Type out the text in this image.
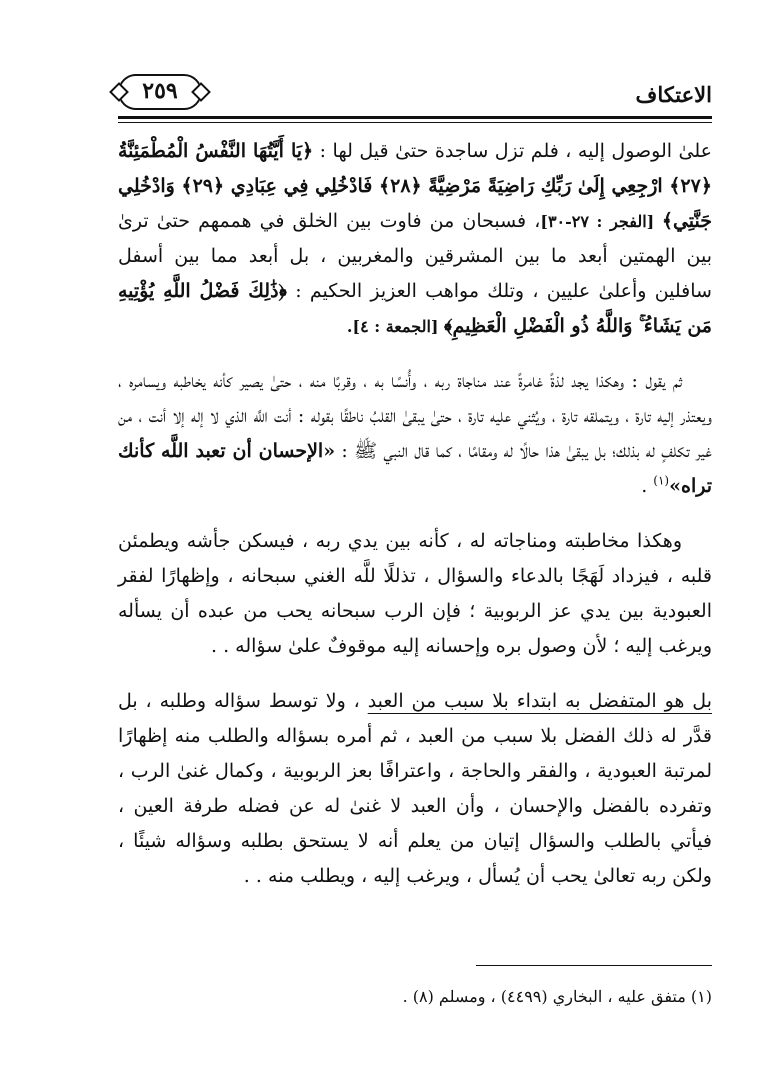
الاعتكاف
٢٥٩

علىٰ الوصول إليه ، فلم تزل ساجدة حتىٰ قيل لها : ﴿يَا أَيَّتُهَا النَّفْسُ الْمُطْمَئِنَّةُ ﴿٢٧﴾ ارْجِعِي إِلَىٰ رَبِّكِ رَاضِيَةً مَرْضِيَّةً ﴿٢٨﴾ فَادْخُلِي فِي عِبَادِي ﴿٢٩﴾ وَادْخُلِي جَنَّتِي﴾ [الفجر : ٢٧-٣٠]، فسبحان من فاوت بين الخلق في هممهم حتىٰ ترىٰ بين الهمتين أبعد ما بين المشرقين والمغربين ، بل أبعد مما بين أسفل سافلين وأعلىٰ عليين ، وتلك مواهب العزيز الحكيم : ﴿ذَٰلِكَ فَضْلُ اللَّهِ يُؤْتِيهِ مَن يَشَاءُ ۚ وَاللَّهُ ذُو الْفَضْلِ الْعَظِيمِ﴾ [الجمعة : ٤].

ثم يقول : وهكذا يجد لذةً غامرةً عند مناجاة ربه ، وأُنسًا به ، وقربًا منه ، حتىٰ يصير كأنه يخاطبه ويسامره ، ويعتذر إليه تارة ، ويتملقه تارة ، ويُثني عليه تارة ، حتىٰ يبقىٰ القلبُ ناطقًا بقوله : أنت اللَّه الذي لا إله إلا أنت ، من غير تكلفٍ له بذلك؛ بل يبقىٰ هذا حالًا له ومقامًا ، كما قال النبي ﷺ : «الإحسان أن تعبد اللَّه كأنك تراه»$^{(١)}$ .

وهكذا مخاطبته ومناجاته له ، كأنه بين يدي ربه ، فيسكن جأشه ويطمئن قلبه ، فيزداد لَهَجًا بالدعاء والسؤال ، تذللًا للَّه الغني سبحانه ، وإظهارًا لفقر العبودية بين يدي عز الربوبية ؛ فإن الرب سبحانه يحب من عبده أن يسأله ويرغب إليه ؛ لأن وصول بره وإحسانه إليه موقوفٌ علىٰ سؤاله . .

بل هو المتفضل به ابتداء بلا سبب من العبد ، ولا توسط سؤاله وطلبه ، بل قدَّر له ذلك الفضل بلا سبب من العبد ، ثم أمره بسؤاله والطلب منه إظهارًا لمرتبة العبودية ، والفقر والحاجة ، واعترافًا بعز الربوبية ، وكمال غنىٰ الرب ، وتفرده بالفضل والإحسان ، وأن العبد لا غنىٰ له عن فضله طرفة العين ، فيأتي بالطلب والسؤال إتيان من يعلم أنه لا يستحق بطلبه وسؤاله شيئًا ، ولكن ربه تعالىٰ يحب أن يُسأل ، ويرغب إليه ، ويطلب منه . .

(١) متفق عليه ، البخاري (٤٤٩٩) ، ومسلم (٨) .
